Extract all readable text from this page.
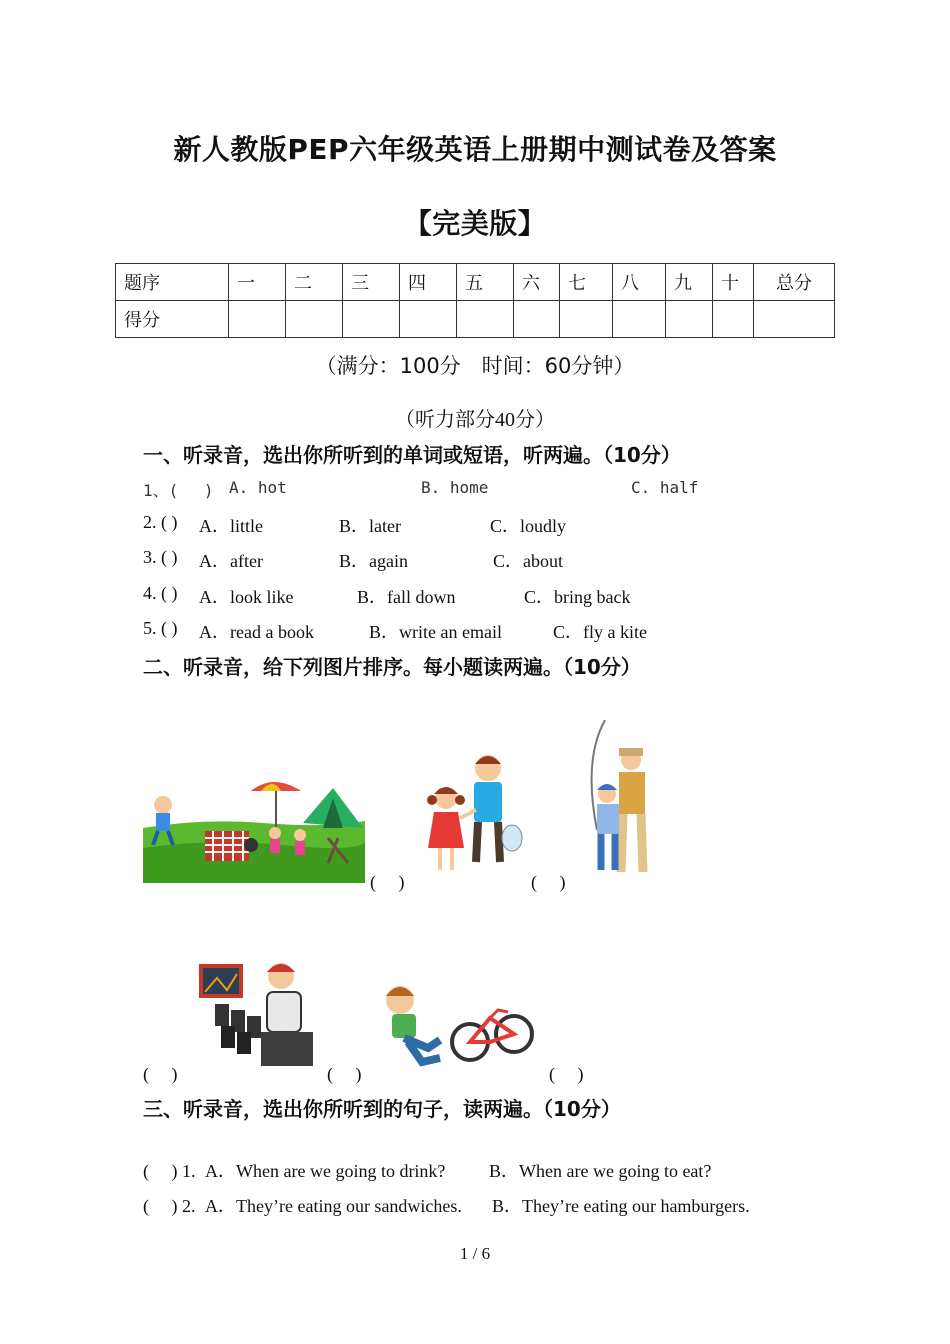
新人教版PEP六年级英语上册期中测试卷及答案
【完美版】
题序	一	二	三	四	五	六	七	八	九	十	总分
得分											
（满分：100分　时间：60分钟）
（听力部分40分）
一、听录音，选出你所听到的单词或短语，听两遍。（10分）
1、(　 ) A. hot	B. home	C. half
2. ( ) A．little	B．later	C．loudly
3. ( ) A．after	B．again	C．about
4. ( ) A．look like	B．fall down	C．bring back
5. ( ) A．read a book	B．write an email	C．fly a kite
二、听录音，给下列图片排序。每小题读两遍。（10分）
(　 )	(　 )
(　 )	(　 )	(　 )
三、听录音，选出你所听到的句子，读两遍。（10分）
(　 ) 1. A．When are we going to drink? B．When are we going to eat?
(　 ) 2. A．They’re eating our sandwiches. B．They’re eating our hamburgers.
1 / 6
